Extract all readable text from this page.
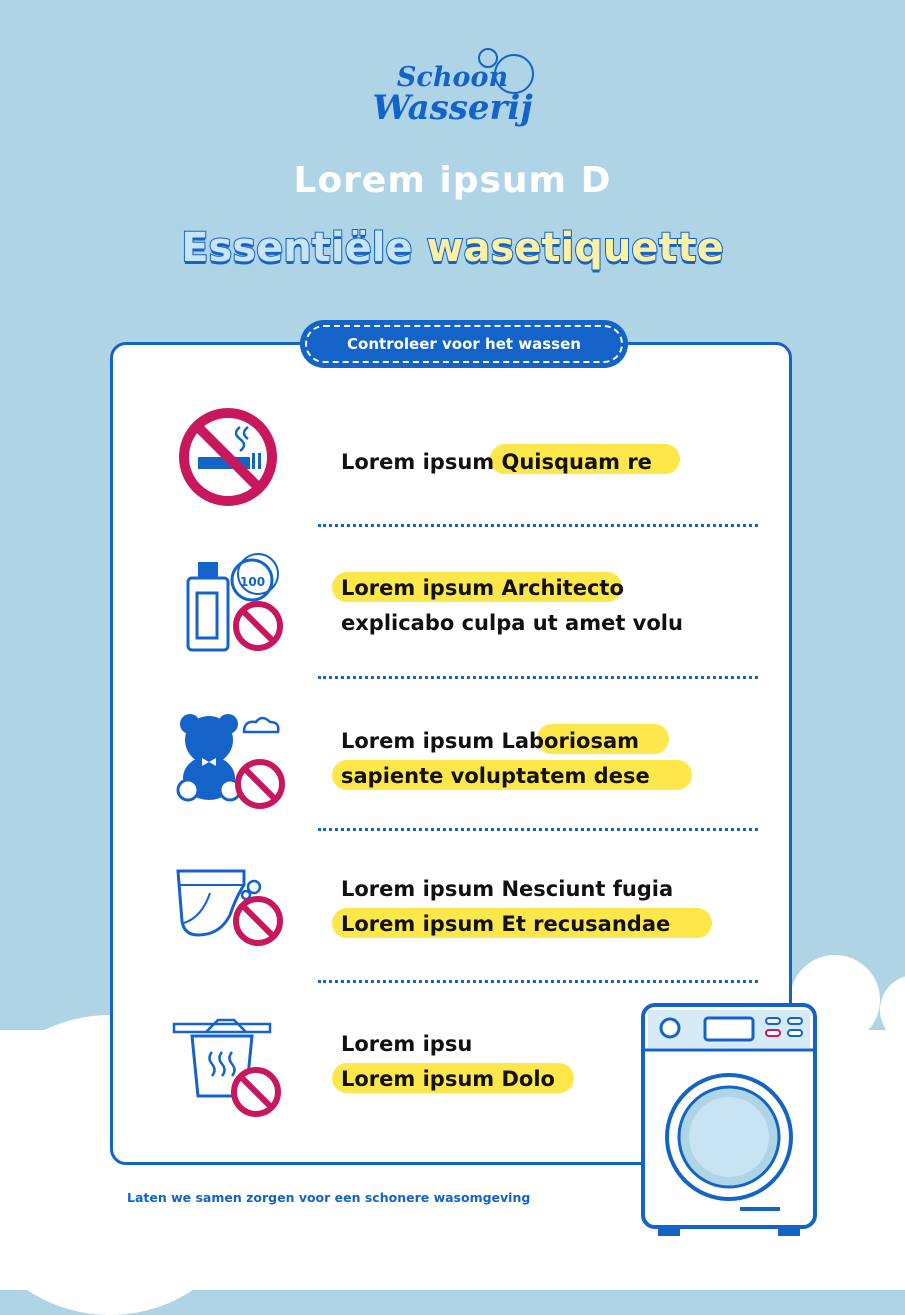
Schoon
Wasserij
Lorem ipsum D
Essentiële wasetiquette
Controleer voor het wassen
Lorem ipsum Quisquam re
100	Lorem ipsum Architecto
explicabo culpa ut amet volu
Lorem ipsum Laboriosam
sapiente voluptatem dese
Lorem ipsum Nesciunt fugia
Lorem ipsum Et recusandae
Lorem ipsu
Lorem ipsum Dolo
Laten we samen zorgen voor een schonere wasomgeving
